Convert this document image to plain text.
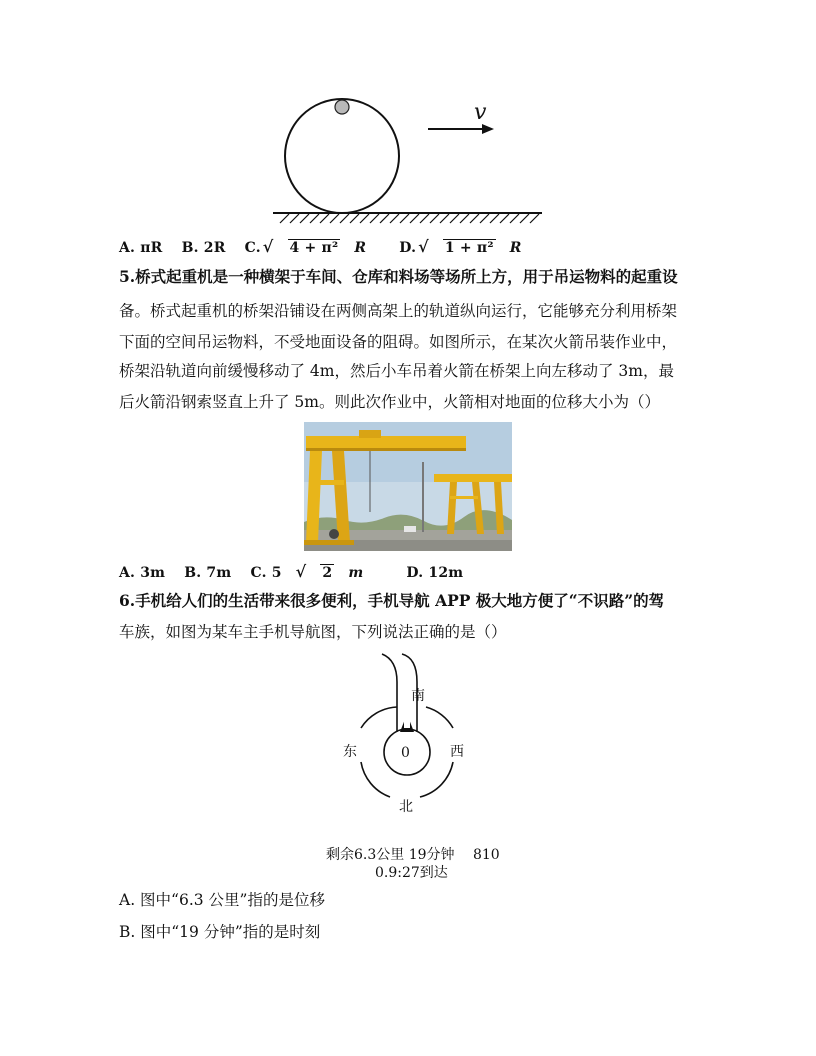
v
A. πR B. 2R C. √ 4 + π² R D. √ 1 + π² R
5.桥式起重机是一种横架于车间、仓库和料场等场所上方，用于吊运物料的起重设
备。桥式起重机的桥架沿铺设在两侧高架上的轨道纵向运行，它能够充分利用桥架
下面的空间吊运物料，不受地面设备的阻碍。如图所示，在某次火箭吊装作业中，
桥架沿轨道向前缓慢移动了 4m，然后小车吊着火箭在桥架上向左移动了 3m，最
后火箭沿钢索竖直上升了 5m。则此次作业中，火箭相对地面的位移大小为（）
A. 3m B. 7m C. 5 √ 2 m	D. 12m
6.手机给人们的生活带来很多便利，手机导航 APP 极大地方便了“不识路”的驾
车族，如图为某车主手机导航图，下列说法正确的是（）
南
东	西
北
0
剩余6.3公里 19分钟 810
0.9:27到达
A. 图中“6.3 公里”指的是位移
B. 图中“19 分钟”指的是时刻
